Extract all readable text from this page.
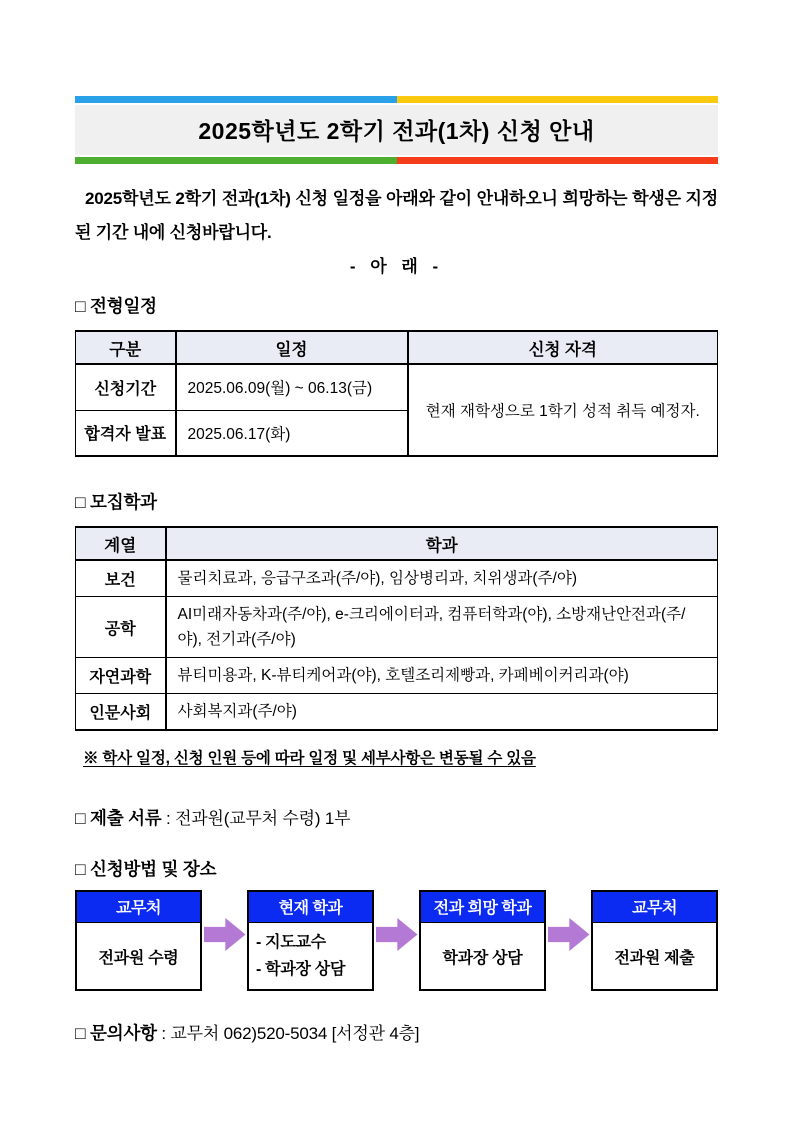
2025학년도 2학기 전과(1차) 신청 안내

2025학년도 2학기 전과(1차) 신청 일정을 아래와 같이 안내하오니 희망하는 학생은 지정된 기간 내에 신청바랍니다.

- 아 래 -
□ 전형일정
구분	일정	신청 자격
신청기간	2025.06.09(월) ~ 06.13(금)	현재 재학생으로 1학기 성적 취득 예정자.
합격자 발표	2025.06.17(화)	
□ 모집학과
계열	학과
보건	물리치료과, 응급구조과(주/야), 임상병리과, 치위생과(주/야)
공학	AI미래자동차과(주/야), e-크리에이터과, 컴퓨터학과(야), 소방재난안전과(주/야), 전기과(주/야)
자연과학	뷰티미용과, K-뷰티케어과(야), 호텔조리제빵과, 카페베이커리과(야)
인문사회	사회복지과(주/야)
※ 학사 일정, 신청 인원 등에 따라 일정 및 세부사항은 변동될 수 있음
□ 제출 서류 : 전과원(교무처 수령) 1부
□ 신청방법 및 장소
교무처
전과원 수령
현재 학과
- 지도교수
- 학과장 상담
전과 희망 학과
학과장 상담
교무처
전과원 제출
□ 문의사항 : 교무처 062)520-5034 [서정관 4층]
